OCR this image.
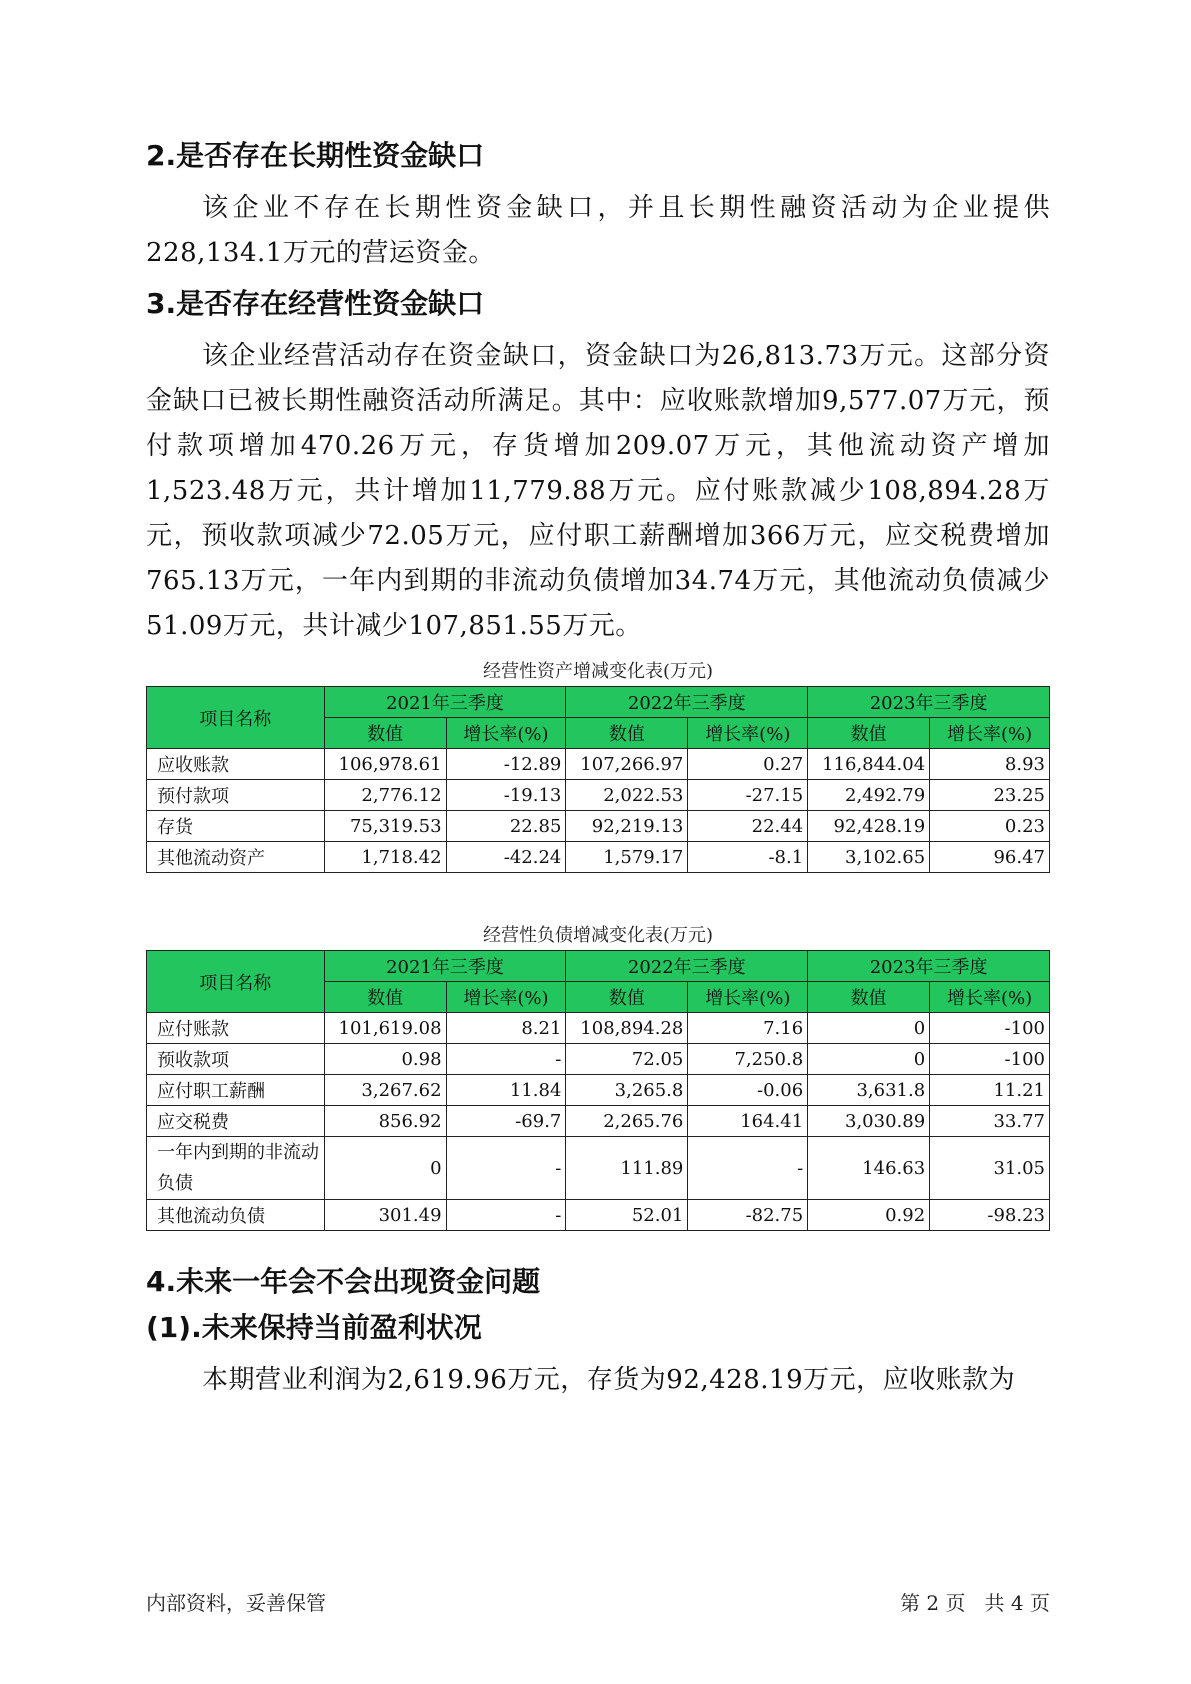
2.是否存在长期性资金缺口

该企业不存在长期性资金缺口，并且长期性融资活动为企业提供228,134.1万元的营运资金。

3.是否存在经营性资金缺口

该企业经营活动存在资金缺口，资金缺口为26,813.73万元。这部分资金缺口已被长期性融资活动所满足。其中：应收账款增加9,577.07万元，预付款项增加470.26万元，存货增加209.07万元，其他流动资产增加1,523.48万元，共计增加11,779.88万元。应付账款减少108,894.28万元，预收款项减少72.05万元，应付职工薪酬增加366万元，应交税费增加765.13万元，一年内到期的非流动负债增加34.74万元，其他流动负债减少51.09万元，共计减少107,851.55万元。

经营性资产增减变化表(万元)
项目名称	2021年三季度		2022年三季度		2023年三季度	
	数值	增长率(%)	数值	增长率(%)	数值	增长率(%)
应收账款	106,978.61	-12.89	107,266.97	0.27	116,844.04	8.93
预付款项	2,776.12	-19.13	2,022.53	-27.15	2,492.79	23.25
存货	75,319.53	22.85	92,219.13	22.44	92,428.19	0.23
其他流动资产	1,718.42	-42.24	1,579.17	-8.1	3,102.65	96.47
经营性负债增减变化表(万元)
项目名称	2021年三季度		2022年三季度		2023年三季度	
	数值	增长率(%)	数值	增长率(%)	数值	增长率(%)
应付账款	101,619.08	8.21	108,894.28	7.16	0	-100
预收款项	0.98	-	72.05	7,250.8	0	-100
应付职工薪酬	3,267.62	11.84	3,265.8	-0.06	3,631.8	11.21
应交税费	856.92	-69.7	2,265.76	164.41	3,030.89	33.77
一年内到期的非流动负债	0	-	111.89	-	146.63	31.05
其他流动负债	301.49	-	52.01	-82.75	0.92	-98.23
4.未来一年会不会出现资金问题
(1).未来保持当前盈利状况

本期营业利润为2,619.96万元，存货为92,428.19万元，应收账款为

内部资料，妥善保管	第 2 页   共 4 页
